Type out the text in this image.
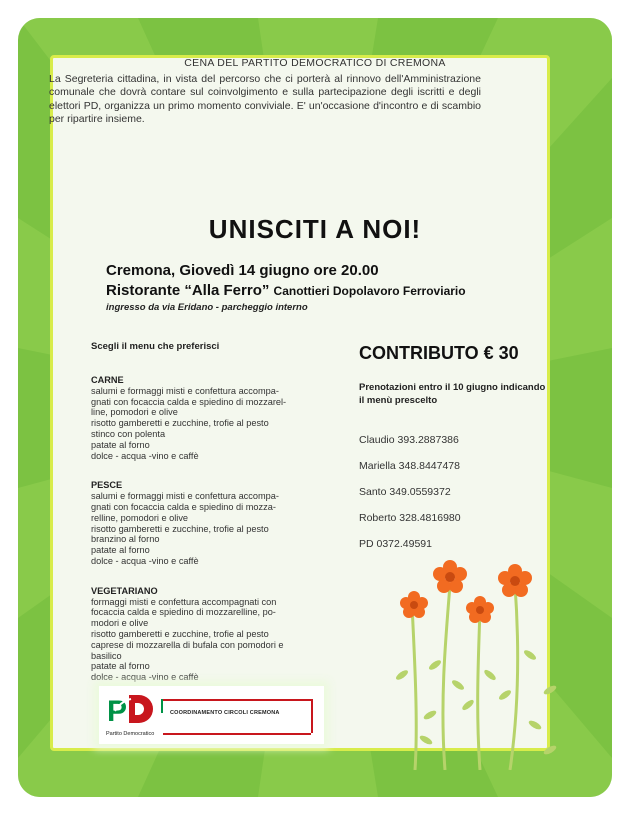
CENA DEL PARTITO DEMOCRATICO DI CREMONA
La Segreteria cittadina, in vista del percorso che ci porterà al rinnovo dell'Amministrazione comunale che dovrà contare sul coinvolgimento e sulla partecipazione degli iscritti e degli elettori PD, organizza un primo momento conviviale. E' un'occasione d'incontro e di scambio per ripartire insieme.
UNISCITI A NOI!
Cremona, Giovedì 14 giugno ore 20.00
Ristorante “Alla Ferro” Canottieri Dopolavoro Ferroviario
ingresso da via Eridano - parcheggio interno
Scegli il menu che preferisci
CARNE
salumi e formaggi misti e confettura accompa-
gnati con focaccia calda e spiedino di mozzarel-
line, pomodori e olive
risotto gamberetti e zucchine, trofie al pesto
stinco con polenta
patate al forno
dolce - acqua -vino e caffè
PESCE
salumi e formaggi misti e confettura accompa-
gnati con focaccia calda e spiedino di mozza-
relline, pomodori e olive
risotto gamberetti e zucchine, trofie al pesto
branzino al forno
patate al forno
dolce - acqua -vino e caffè
VEGETARIANO
formaggi misti e confettura accompagnati con
focaccia calda e spiedino di mozzarelline, po-
modori e olive
risotto gamberetti e zucchine, trofie al pesto
caprese di mozzarella di bufala con pomodori e
basilico
patate al forno
dolce - acqua -vino e caffè
CONTRIBUTO € 30
Prenotazioni entro il 10 giugno indicando il menù prescelto
Claudio 393.2887386
Mariella 348.8447478
Santo 349.0559372
Roberto 328.4816980
PD 0372.49591
P
Partito Democratico
COORDINAMENTO CIRCOLI CREMONA
